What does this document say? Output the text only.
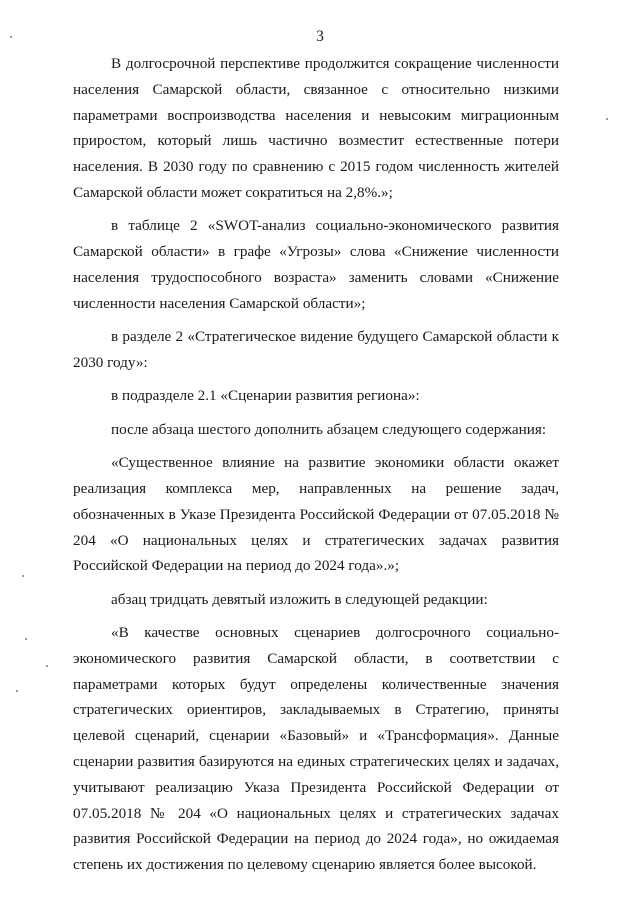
3

В долгосрочной перспективе продолжится сокращение численности населения Самарской области, связанное с относительно низкими параметрами воспроизводства населения и невысоким миграционным приростом, который лишь частично возместит естественные потери населения. В 2030 году по сравнению с 2015 годом численность жителей Самарской области может сократиться на 2,8%.»;

в таблице 2 «SWOT-анализ социально-экономического развития Самарской области» в графе «Угрозы» слова «Снижение численности населения трудоспособного возраста» заменить словами «Снижение численности населения Самарской области»;

в разделе 2 «Стратегическое видение будущего Самарской области к 2030 году»:

в подразделе 2.1 «Сценарии развития региона»:

после абзаца шестого дополнить абзацем следующего содержания:

«Существенное влияние на развитие экономики области окажет реализация комплекса мер, направленных на решение задач, обозначенных в Указе Президента Российской Федерации от 07.05.2018 № 204 «О национальных целях и стратегических задачах развития Российской Федерации на период до 2024 года».»;

абзац тридцать девятый изложить в следующей редакции:

«В качестве основных сценариев долгосрочного социально-экономического развития Самарской области, в соответствии с параметрами которых будут определены количественные значения стратегических ориентиров, закладываемых в Стратегию, приняты целевой сценарий, сценарии «Базовый» и «Трансформация». Данные сценарии развития базируются на единых стратегических целях и задачах, учитывают реализацию Указа Президента Российской Федерации от 07.05.2018 № 204 «О национальных целях и стратегических задачах развития Российской Федерации на период до 2024 года», но ожидаемая степень их достижения по целевому сценарию является более высокой.
